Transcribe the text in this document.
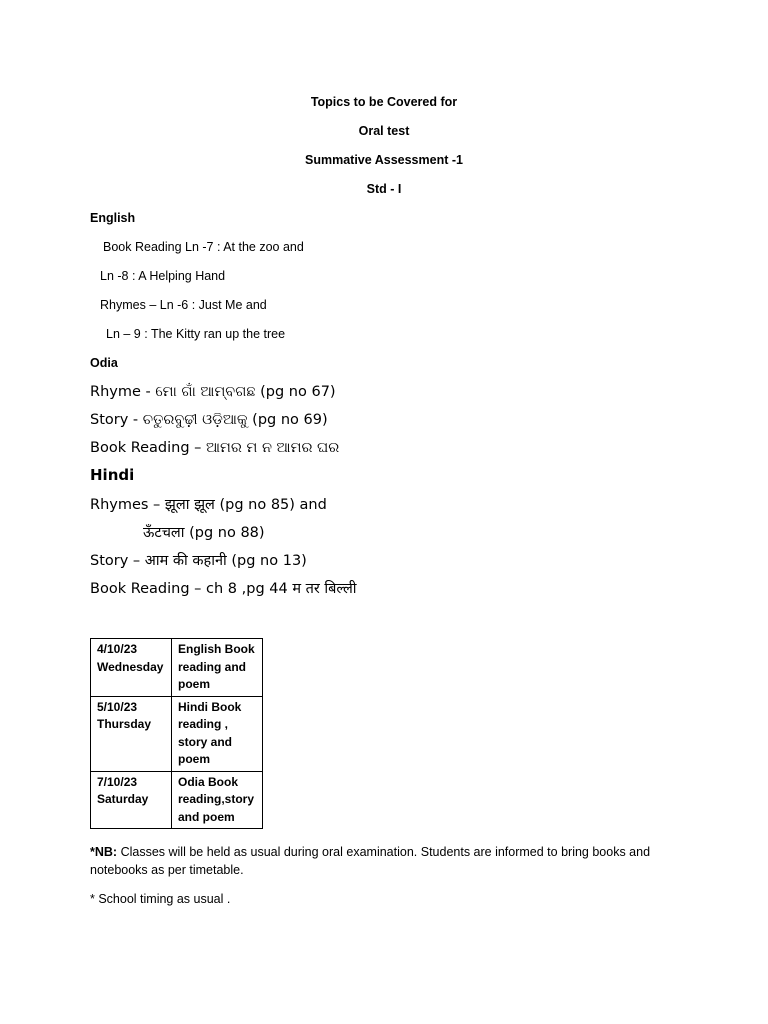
Topics to be Covered for
Oral test
Summative Assessment -1
Std - I
English
Book Reading Ln -7 : At the zoo and
Ln -8 : A Helping Hand
Rhymes – Ln -6 : Just Me and
Ln – 9 : The Kitty ran up the tree
Odia
Rhyme - ମୋ ଗାଁ ଆମ୍ବଗଛ (pg no 67)
Story - ଚତୁରବୁଢ଼ୀ ଓଡ଼ିଆକୁ (pg no 69)
Book Reading – ଆମର ମ ନ ଆମର ଘର
Hindi
Rhymes – झूला झूल (pg no 85) and
ऊँटचला (pg no 88)
Story – आम की कहानी (pg no 13)
Book Reading – ch 8 ,pg 44 म तर बिल्ली
4/10/23
Wednesday	English Book
reading and
poem

5/10/23
Thursday	Hindi Book
reading ,
story and
poem

7/10/23
Saturday	Odia Book
reading,story
and poem
*NB: Classes will be held as usual during oral examination. Students are informed to bring books and notebooks as per timetable.
* School timing as usual .
